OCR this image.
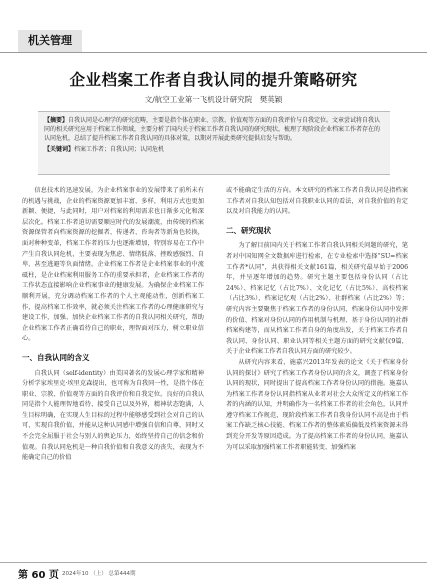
机关管理
企业档案工作者自我认同的提升策略研究
文/航空工业第一飞机设计研究院　樊英颖
【摘要】自我认同是心理学的研究范畴，主要是指个体在职业、宗教、价值观等方面的自我评价与自我定位。文章尝试将自我认同的相关研究应用于档案工作领域，主要分析了国内关于档案工作者自我认同的研究现状，梳理了现阶段企业档案工作者存在的认同危机，总结了提升档案工作者自我认同的具体对策，以期对开展此类研究提供启发与帮助。
【关键词】档案工作者；自我认同；认同危机

信息技术的迅速发展，为企业档案事业的发展带来了前所未有的机遇与挑战，企业的档案资源更加丰富、多样，利用方式也更加新颖、便捷，与此同时，用户对档案的利用需求也日渐多元化和深层次化。档案工作者迫切需要顺应时代的发展潮流，由传统的档案资源保管者向档案资源的挖掘者、传递者、咨询者等新角色转换，面对种种变革，档案工作者的压力也逐渐增加，特别容易在工作中产生自我认同危机，主要表现为焦虑、情绪低落、挫败感强烈、自卑、甚至逃避等负面情绪。企业档案工作者是企业档案事业的中流砥柱，是企业档案利用服务工作的重要承担者，企业档案工作者的工作状态直接影响企业档案事业的健康发展。为确保企业档案工作顺利开展，充分调动档案工作者的个人主观能动性，创新档案工作，提高档案工作效率，就必须关注档案工作者的心理健康研究与建设工作，加强、加快企业档案工作者的自我认同相关研究，帮助企业档案工作者正确看待自己的职业，理智面对压力，树立职业信心。

一、自我认同的含义

自我认同（self-identity）由美国著名的发展心理学家和精神分析学家埃里克·埃里克森提出，也可称为自我同一性，是指个体在职业、宗教、价值观等方面的自我评价和自我定位。良好的自我认同是指个人能理智地看待、接受自己以及外界，精神状态饱满，人生目标明确，在实现人生目标的过程中能够感受到社会对自己的认可，实现自我价值，并能从这种认同感中增强自信和自尊，同时又不会完全屈服于社会与别人的舆论压力，始终坚持自己的信念和价值观。自我认同危机是一种自我价值和自我意义的丧失，表现为不能确定自己的价值

或不能确定生活的方向。本文研究的档案工作者自我认同是指档案工作者对自我认知包括对自我职业认同的看法，对自我价值的肯定以及对自我能力的认同。

二、研究现状

为了解目前国内关于档案工作者自我认同相关问题的研究，笔者对中国知网全文数据库进行检索，在专业检索中选择“SU=档案工作者*认同”，共获得相关文献161篇，相关研究最早始于2006年，并呈逐年增加的趋势。研究主题主要包括身份认同（占比24%）、档案记忆（占比7%）、文化记忆（占比5%）、高校档案（占比3%）、档案记忆观（占比2%）、社群档案（占比2%）等；研究内容主要聚焦于档案工作者的身份认同、档案身份认同中发挥的价值、档案对身份认同的作用机制与机理、基于身份认同的社群档案构建等，而从档案工作者自身的角度出发，关于档案工作者自我认同、身份认同、职业认同等相关主题方面的研究文献仅9篇，关于企业档案工作者自我认同方面的研究较少。

从研究内容来看，施嘉兴2013年发表的论文《关于档案身份认同的探讨》研究了档案工作者身份认同的含义，调查了档案身份认同的现状，同时提出了提高档案工作者身份认同的措施。施嘉认为档案工作者身份认同指档案从业者对社会大众所定义的档案工作者的内涵的认知，并明确作为一名档案工作者的社会角色，认同并遵守档案工作规范，现阶段档案工作者自我身份认同不高是由于档案工作缺乏核心技能、档案工作者的整体素质偏低及档案资源未得到充分开发等原因造成。为了提高档案工作者的身份认同，施嘉认为可以采取加强档案工作者职能转变、加强档案

第 60 页 2024年10 （上） 总第444期
